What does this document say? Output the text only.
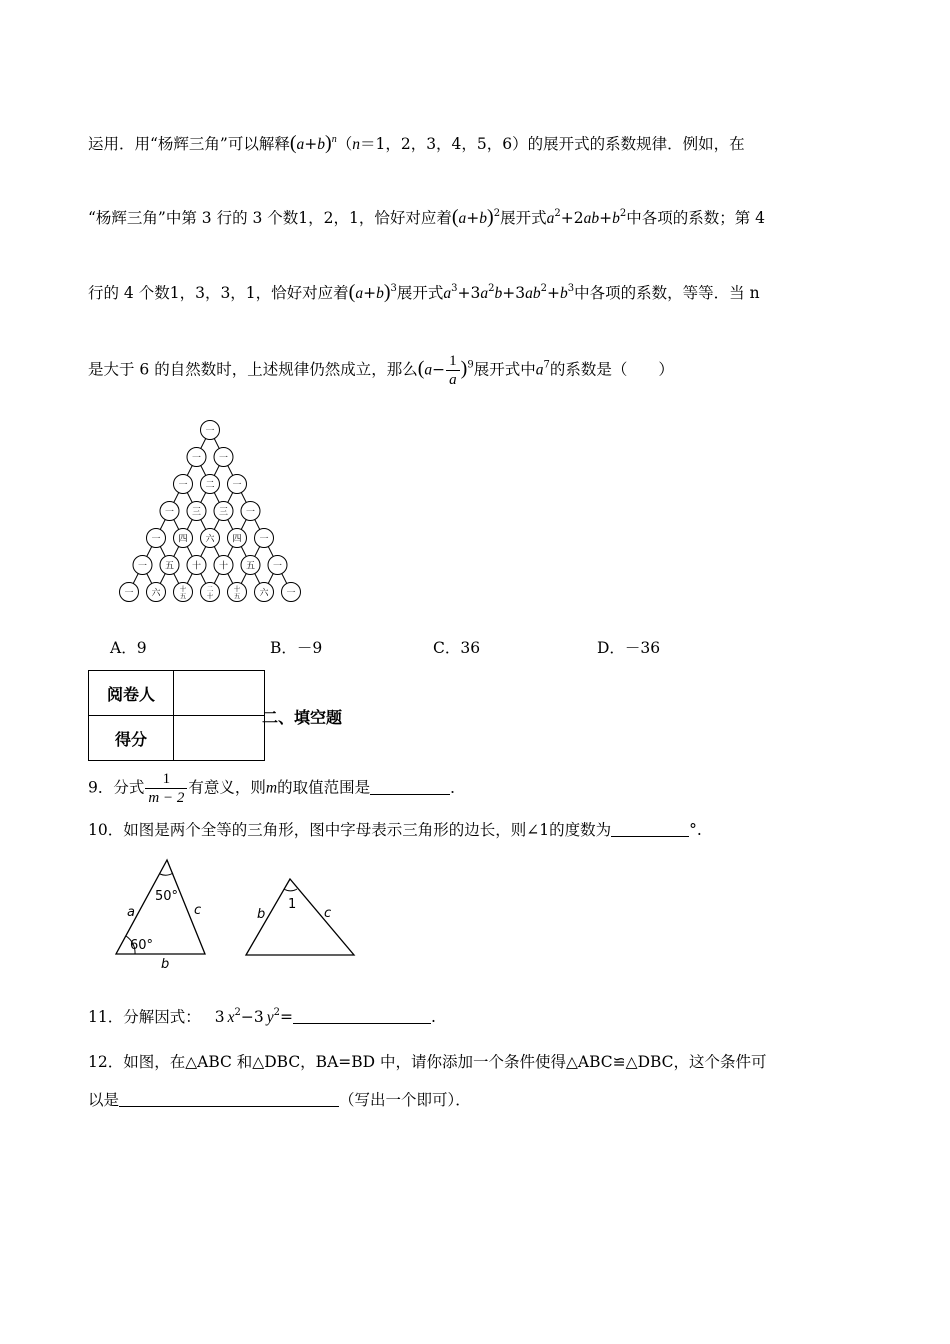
运用．用“杨辉三角”可以解释$(a+b)^n(n=1$，2，3，4，5，6）的展开式的系数规律．例如，在
“杨辉三角”中第 3 行的 3 个数1，2，1，恰好对应着$(a+b)^2$展开式$a^2+2ab+b^2$中各项的系数；第 4
行的 4 个数1，3，3，1，恰好对应着$(a+b)^3$展开式$a^3+3a^2b+3ab^2+b^3$中各项的系数，等等．当 n
是大于 6 的自然数时，上述规律仍然成立，那么$(a- \frac{1}{a} )^9$展开式中$a^7$的系数是（　　）
一
一 一
一 二 一
一 三 三 一
一 四 六 四 一
一 五 十 十 五 一
一 六	十
五
二
十
十
五 六 一
A．9	B．－9	C．36	D．－36
阅卷人	
得分	
二、填空题
9．分式 $\frac{1}{m - 2}$ 有意义，则m的取值范围是	．
10．如图是两个全等的三角形，图中字母表示三角形的边长，则∠1的度数为	°.
50°
60°
a	c
b
1
b	c
11．分解因式： 3 $x^2-3$ $y^2=$	.
12．如图，在△ABC 和△DBC，BA=BD 中，请你添加一个条件使得△ABC≌△DBC，这个条件可
以是	（写出一个即可）．
